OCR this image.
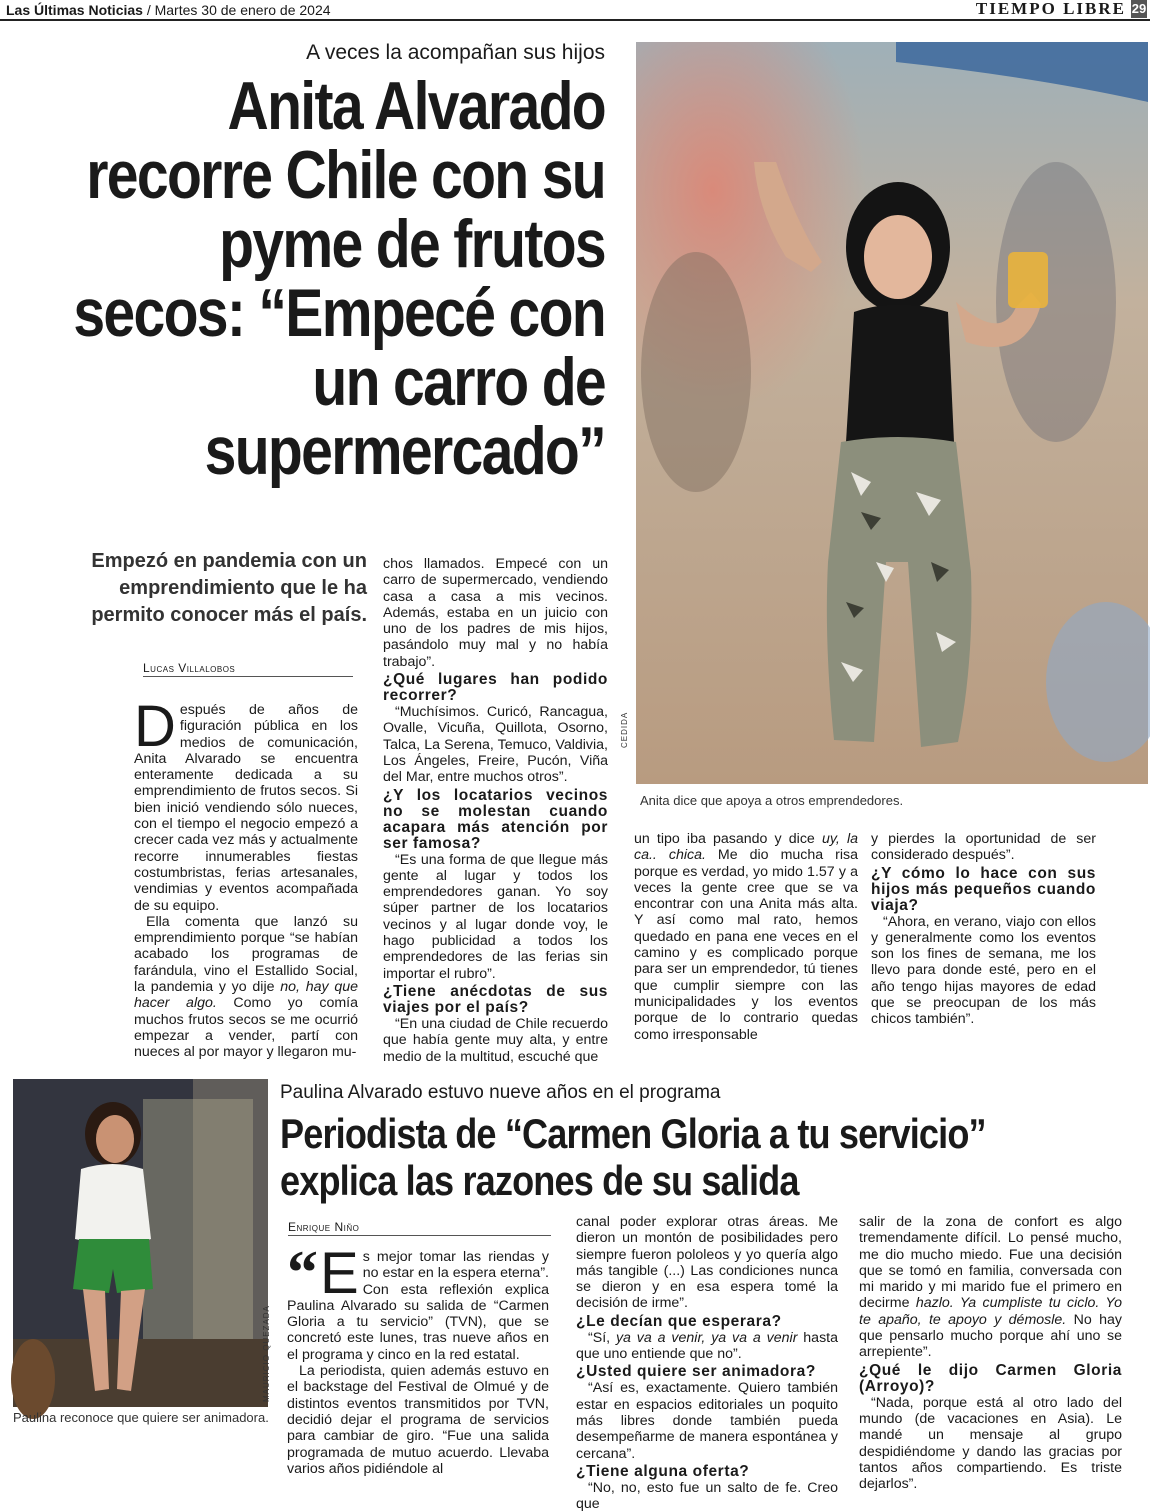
Las Últimas Noticias / Martes 30 de enero de 2024	TIEMPO LIBRE 29
A veces la acompañan sus hijos
Anita Alvarado recorre Chile con su pyme de frutos secos: “Empecé con un carro de supermercado”
Empezó en pandemia con un emprendimiento que le ha permito conocer más el país.
Lucas Villalobos

Después de años de figuración pública en los medios de comunicación, Anita Alvarado se encuentra enteramente dedicada a su emprendimiento de frutos secos. Si bien inició vendiendo sólo nueces, con el tiempo el negocio empezó a crecer cada vez más y actualmente recorre innumerables fiestas costumbristas, ferias artesanales, vendimias y eventos acompañada de su equipo.

Ella comenta que lanzó su emprendimiento porque “se habían acabado los programas de farándula, vino el Estallido Social, la pandemia y yo dije no, hay que hacer algo. Como yo comía muchos frutos secos se me ocurrió empezar a vender, partí con nueces al por mayor y llegaron mu-

chos llamados. Empecé con un carro de supermercado, vendiendo casa a casa a mis vecinos. Además, estaba en un juicio con uno de los padres de mis hijos, pasándolo muy mal y no había trabajo”.

¿Qué lugares han podido recorrer?

“Muchísimos. Curicó, Rancagua, Ovalle, Vicuña, Quillota, Osorno, Talca, La Serena, Temuco, Valdivia, Los Ángeles, Freire, Pucón, Viña del Mar, entre muchos otros”.

¿Y los locatarios vecinos no se molestan cuando acapara más atención por ser famosa?

“Es una forma de que llegue más gente al lugar y todos los emprendedores ganan. Yo soy súper partner de los locatarios vecinos y al lugar donde voy, le hago publicidad a todos los emprendedores de las ferias sin importar el rubro”.

¿Tiene anécdotas de sus viajes por el país?

“En una ciudad de Chile recuerdo que había gente muy alta, y entre medio de la multitud, escuché que

un tipo iba pasando y dice uy, la ca.. chica. Me dio mucha risa porque es verdad, yo mido 1.57 y a veces la gente cree que se va encontrar con una Anita más alta. Y así como mal rato, hemos quedado en pana ene veces en el camino y es complicado porque para ser un emprendedor, tú tienes que cumplir siempre con las municipalidades y los eventos porque de lo contrario quedas como irresponsable

y pierdes la oportunidad de ser considerado después”.

¿Y cómo lo hace con sus hijos más pequeños cuando viaja?

“Ahora, en verano, viajo con ellos y generalmente como los eventos son los fines de semana, me los llevo para donde esté, pero en el año tengo hijas mayores de edad que se preocupan de los más chicos también”.

CEDIDA
Anita dice que apoya a otros emprendedores.
MAURICIO QUEZADA
Paulina reconoce que quiere ser animadora.
Paulina Alvarado estuvo nueve años en el programa
Periodista de “Carmen Gloria a tu servicio”
explica las razones de su salida
Enrique Niño

“ E s mejor tomar las riendas y no estar en la espera eterna”. Con esta reflexión explica Paulina Alvarado su salida de “Carmen Gloria a tu servicio” (TVN), que se concretó este lunes, tras nueve años en el programa y cinco en la red estatal.

La periodista, quien además estuvo en el backstage del Festival de Olmué y de distintos eventos transmitidos por TVN, decidió dejar el programa de servicios para cambiar de giro. “Fue una salida programada de mutuo acuerdo. Llevaba varios años pidiéndole al

canal poder explorar otras áreas. Me dieron un montón de posibilidades pero siempre fueron pololeos y yo quería algo más tangible (...) Las condiciones nunca se dieron y en esa espera tomé la decisión de irme”.

¿Le decían que esperara?

“Sí, ya va a venir, ya va a venir hasta que uno entiende que no”.

¿Usted quiere ser animadora?

“Así es, exactamente. Quiero también estar en espacios editoriales un poquito más libres donde también pueda desempeñarme de manera espontánea y cercana”.

¿Tiene alguna oferta?

“No, no, esto fue un salto de fe. Creo que

salir de la zona de confort es algo tremendamente difícil. Lo pensé mucho, me dio mucho miedo. Fue una decisión que se tomó en familia, conversada con mi marido y mi marido fue el primero en decirme hazlo. Ya cumpliste tu ciclo. Yo te apaño, te apoyo y démosle. No hay que pensarlo mucho porque ahí uno se arrepiente”.

¿Qué le dijo Carmen Gloria (Arroyo)?

“Nada, porque está al otro lado del mundo (de vacaciones en Asia). Le mandé un mensaje al grupo despidiéndome y dando las gracias por tantos años compartiendo. Es triste dejarlos”.
